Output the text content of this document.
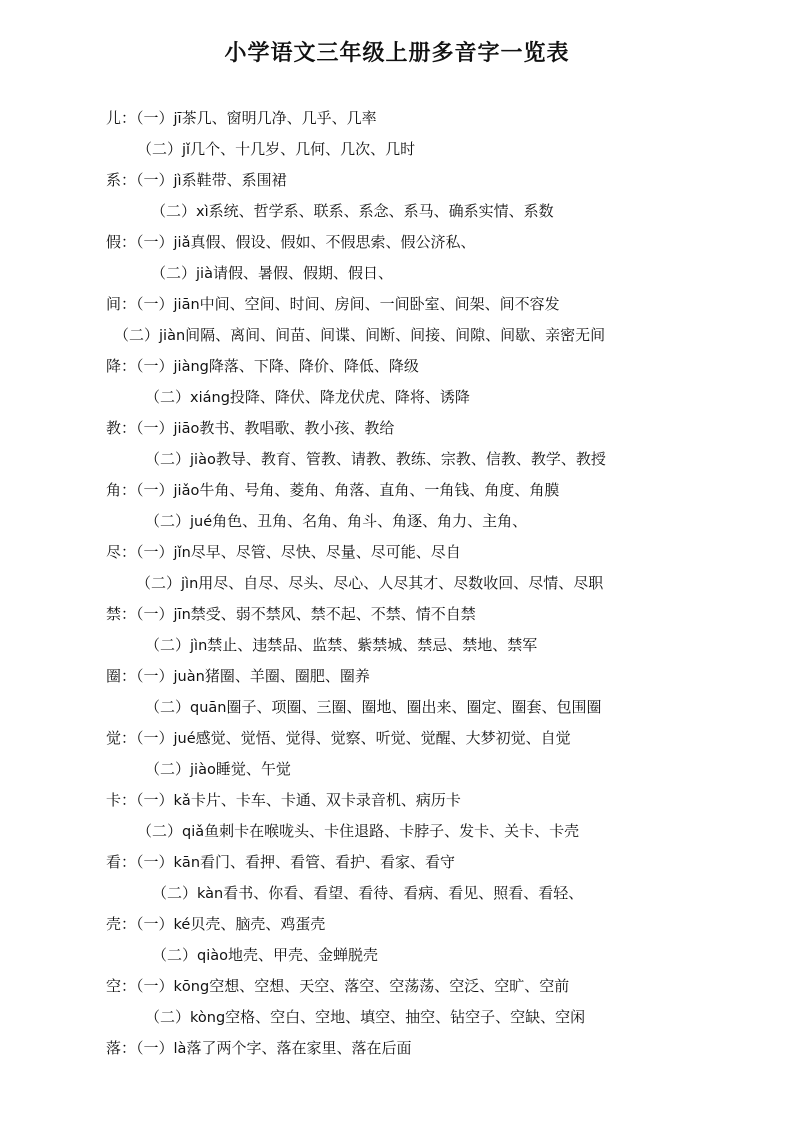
小学语文三年级上册多音字一览表
儿：（一）jī茶几、窗明几净、几乎、几率
（二）jǐ几个、十几岁、几何、几次、几时
系：（一）jì系鞋带、系围裙
（二）xì系统、哲学系、联系、系念、系马、确系实情、系数
假：（一）jiǎ真假、假设、假如、不假思索、假公济私、
（二）jià请假、暑假、假期、假日、
间：（一）jiān中间、空间、时间、房间、一间卧室、间架、间不容发
（二）jiàn间隔、离间、间苗、间谍、间断、间接、间隙、间歇、亲密无间
降：（一）jiàng降落、下降、降价、降低、降级
（二）xiáng投降、降伏、降龙伏虎、降将、诱降
教：（一）jiāo教书、教唱歌、教小孩、教给
（二）jiào教导、教育、管教、请教、教练、宗教、信教、教学、教授
角：（一）jiǎo牛角、号角、菱角、角落、直角、一角钱、角度、角膜
（二）jué角色、丑角、名角、角斗、角逐、角力、主角、
尽：（一）jǐn尽早、尽管、尽快、尽量、尽可能、尽自
（二）jìn用尽、自尽、尽头、尽心、人尽其才、尽数收回、尽情、尽职
禁：（一）jīn禁受、弱不禁风、禁不起、不禁、情不自禁
（二）jìn禁止、违禁品、监禁、紫禁城、禁忌、禁地、禁军
圈：（一）juàn猪圈、羊圈、圈肥、圈养
（二）quān圈子、项圈、三圈、圈地、圈出来、圈定、圈套、包围圈
觉：（一）jué感觉、觉悟、觉得、觉察、听觉、觉醒、大梦初觉、自觉
（二）jiào睡觉、午觉
卡：（一）kǎ卡片、卡车、卡通、双卡录音机、病历卡
（二）qiǎ鱼刺卡在喉咙头、卡住退路、卡脖子、发卡、关卡、卡壳
看：（一）kān看门、看押、看管、看护、看家、看守
（二）kàn看书、你看、看望、看待、看病、看见、照看、看轻、
壳：（一）ké贝壳、脑壳、鸡蛋壳
（二）qiào地壳、甲壳、金蝉脱壳
空：（一）kōng空想、空想、天空、落空、空荡荡、空泛、空旷、空前
（二）kòng空格、空白、空地、填空、抽空、钻空子、空缺、空闲
落：（一）là落了两个字、落在家里、落在后面
